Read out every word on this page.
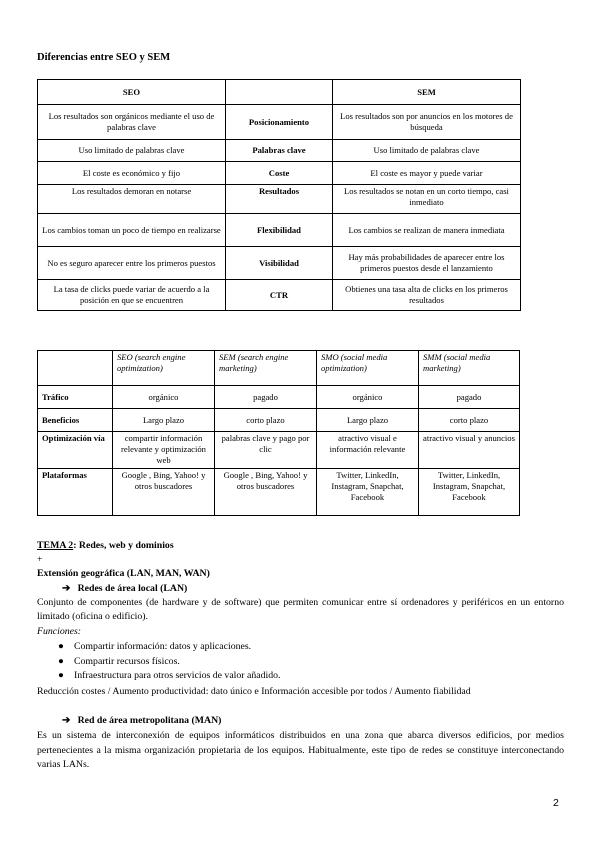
Diferencias entre SEO y SEM
SEO		SEM
Los resultados son orgánicos mediante el uso de palabras clave	Posicionamiento	Los resultados son por anuncios en los motores de búsqueda
Uso limitado de palabras clave	Palabras clave	Uso limitado de palabras clave
El coste es económico y fijo	Coste	El coste es mayor y puede variar
Los resultados demoran en notarse	Resultados	Los resultados se notan en un corto tiempo, casi inmediato
Los cambios toman un poco de tiempo en realizarse	Flexibilidad	Los cambios se realizan de manera inmediata
No es seguro aparecer entre los primeros puestos	Visibilidad	Hay más probabilidades de aparecer entre los primeros puestos desde el lanzamiento
La tasa de clicks puede variar de acuerdo a la posición en que se encuentren	CTR	Obtienes una tasa alta de clicks en los primeros resultados
	SEO (search engine optimization)	SEM (search engine marketing)	SMO (social media optimization)	SMM (social media marketing)
Tráfico	orgánico	pagado	orgánico	pagado
Beneficios	Largo plazo	corto plazo	Largo plazo	corto plazo
Optimización vía	compartir información relevante y optimización web	palabras clave y pago por clic	atractivo visual e información relevante	atractivo visual y anuncios
Plataformas	Google , Bing, Yahoo! y otros buscadores	Google , Bing, Yahoo! y otros buscadores	Twitter, LinkedIn, Instagram, Snapchat, Facebook	Twitter, LinkedIn, Instagram, Snapchat, Facebook
TEMA 2: Redes, web y dominios
+
Extensión geográfica (LAN, MAN, WAN)
➔ Redes de área local (LAN)
Conjunto de componentes (de hardware y de software) que permiten comunicar entre sí ordenadores y periféricos en un entorno limitado (oficina o edificio).
Funciones:
● Compartir información: datos y aplicaciones.
● Compartir recursos físicos.
● Infraestructura para otros servicios de valor añadido.
Reducción costes / Aumento productividad: dato único e Información accesible por todos / Aumento fiabilidad
➔ Red de área metropolitana (MAN)
Es un sistema de interconexión de equipos informáticos distribuidos en una zona que abarca diversos edificios, por medios pertenecientes a la misma organización propietaria de los equipos. Habitualmente, este tipo de redes se constituye interconectando varias LANs.
2
